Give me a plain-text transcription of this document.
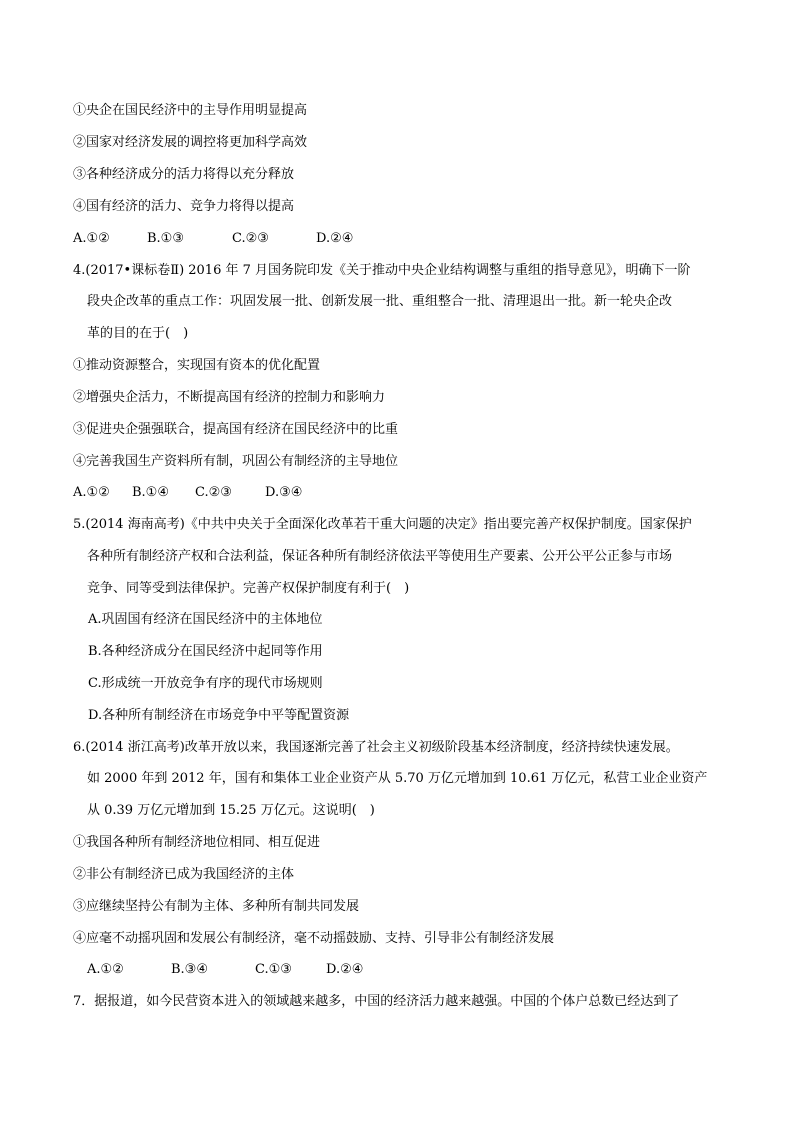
①央企在国民经济中的主导作用明显提高
②国家对经济发展的调控将更加科学高效
③各种经济成分的活力将得以充分释放
④国有经济的活力、竞争力将得以提高
A.①②	B.①③	C.②③	D.②④
4.(2017•课标卷Ⅱ) 2016 年 7 月国务院印发《关于推动中央企业结构调整与重组的指导意见》，明确下一阶
段央企改革的重点工作：巩固发展一批、创新发展一批、重组整合一批、清理退出一批。新一轮央企改
革的目的在于(　)
①推动资源整合，实现国有资本的优化配置
②增强央企活力，不断提高国有经济的控制力和影响力
③促进央企强强联合，提高国有经济在国民经济中的比重
④完善我国生产资料所有制，巩固公有制经济的主导地位
A.①② B.①④ C.②③	D.③④
5.(2014 海南高考)《中共中央关于全面深化改革若干重大问题的决定》指出要完善产权保护制度。国家保护
各种所有制经济产权和合法利益，保证各种所有制经济依法平等使用生产要素、公开公平公正参与市场
竞争、同等受到法律保护。完善产权保护制度有利于(　)
A.巩固国有经济在国民经济中的主体地位
B.各种经济成分在国民经济中起同等作用
C.形成统一开放竞争有序的现代市场规则
D.各种所有制经济在市场竞争中平等配置资源
6.(2014 浙江高考)改革开放以来，我国逐渐完善了社会主义初级阶段基本经济制度，经济持续快速发展。
如 2000 年到 2012 年，国有和集体工业企业资产从 5.70 万亿元增加到 10.61 万亿元，私营工业企业资产
从 0.39 万亿元增加到 15.25 万亿元。这说明(　)
①我国各种所有制经济地位相同、相互促进
②非公有制经济已成为我国经济的主体
③应继续坚持公有制为主体、多种所有制共同发展
④应毫不动摇巩固和发展公有制经济，毫不动摇鼓励、支持、引导非公有制经济发展
A.①②	B.③④	C.①③	D.②④
7．据报道，如今民营资本进入的领域越来越多，中国的经济活力越来越强。中国的个体户总数已经达到了
